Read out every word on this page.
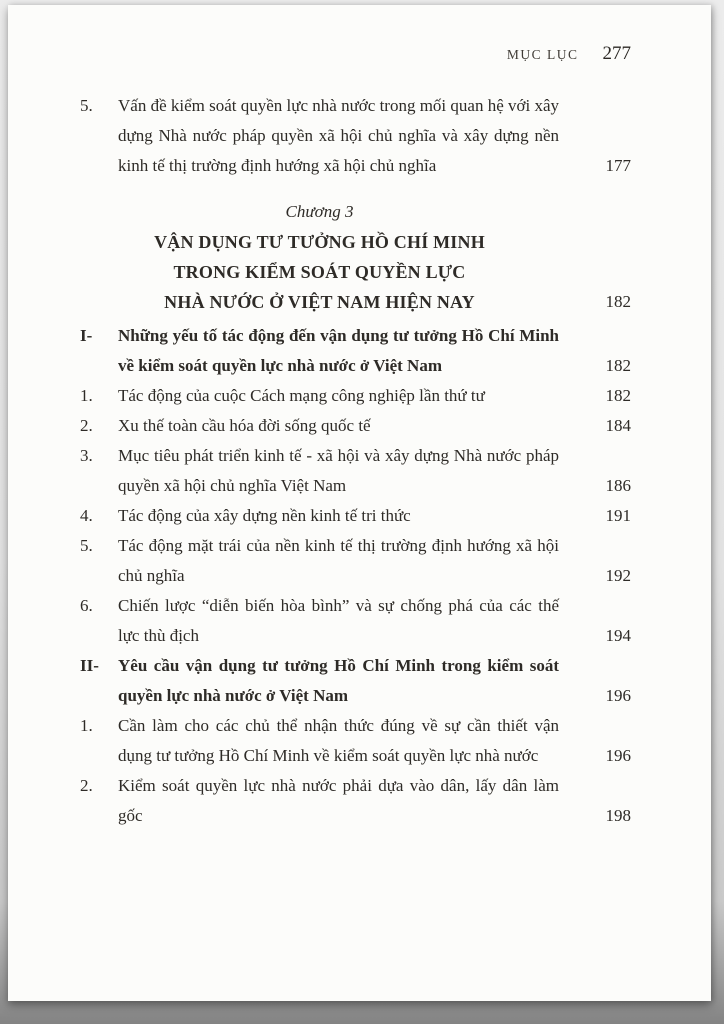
MỤC LỤC 277
5.	Vấn đề kiểm soát quyền lực nhà nước trong mối quan hệ với xây dựng Nhà nước pháp quyền xã hội chủ nghĩa và xây dựng nền kinh tế thị trường định hướng xã hội chủ nghĩa	177
Chương 3
VẬN DỤNG TƯ TƯỞNG HỒ CHÍ MINH
TRONG KIỂM SOÁT QUYỀN LỰC
NHÀ NƯỚC Ở VIỆT NAM HIỆN NAY	182
I-	Những yếu tố tác động đến vận dụng tư tưởng Hồ Chí Minh về kiểm soát quyền lực nhà nước ở Việt Nam	182
1.	Tác động của cuộc Cách mạng công nghiệp lần thứ tư	182
2.	Xu thế toàn cầu hóa đời sống quốc tế	184
3.	Mục tiêu phát triển kinh tế - xã hội và xây dựng Nhà nước pháp quyền xã hội chủ nghĩa Việt Nam	186
4.	Tác động của xây dựng nền kinh tế tri thức	191
5.	Tác động mặt trái của nền kinh tế thị trường định hướng xã hội chủ nghĩa	192
6.	Chiến lược “diễn biến hòa bình” và sự chống phá của các thế lực thù địch	194
II-	Yêu cầu vận dụng tư tưởng Hồ Chí Minh trong kiểm soát quyền lực nhà nước ở Việt Nam	196
1.	Cần làm cho các chủ thể nhận thức đúng về sự cần thiết vận dụng tư tưởng Hồ Chí Minh về kiểm soát quyền lực nhà nước	196
2.	Kiểm soát quyền lực nhà nước phải dựa vào dân, lấy dân làm gốc	198
